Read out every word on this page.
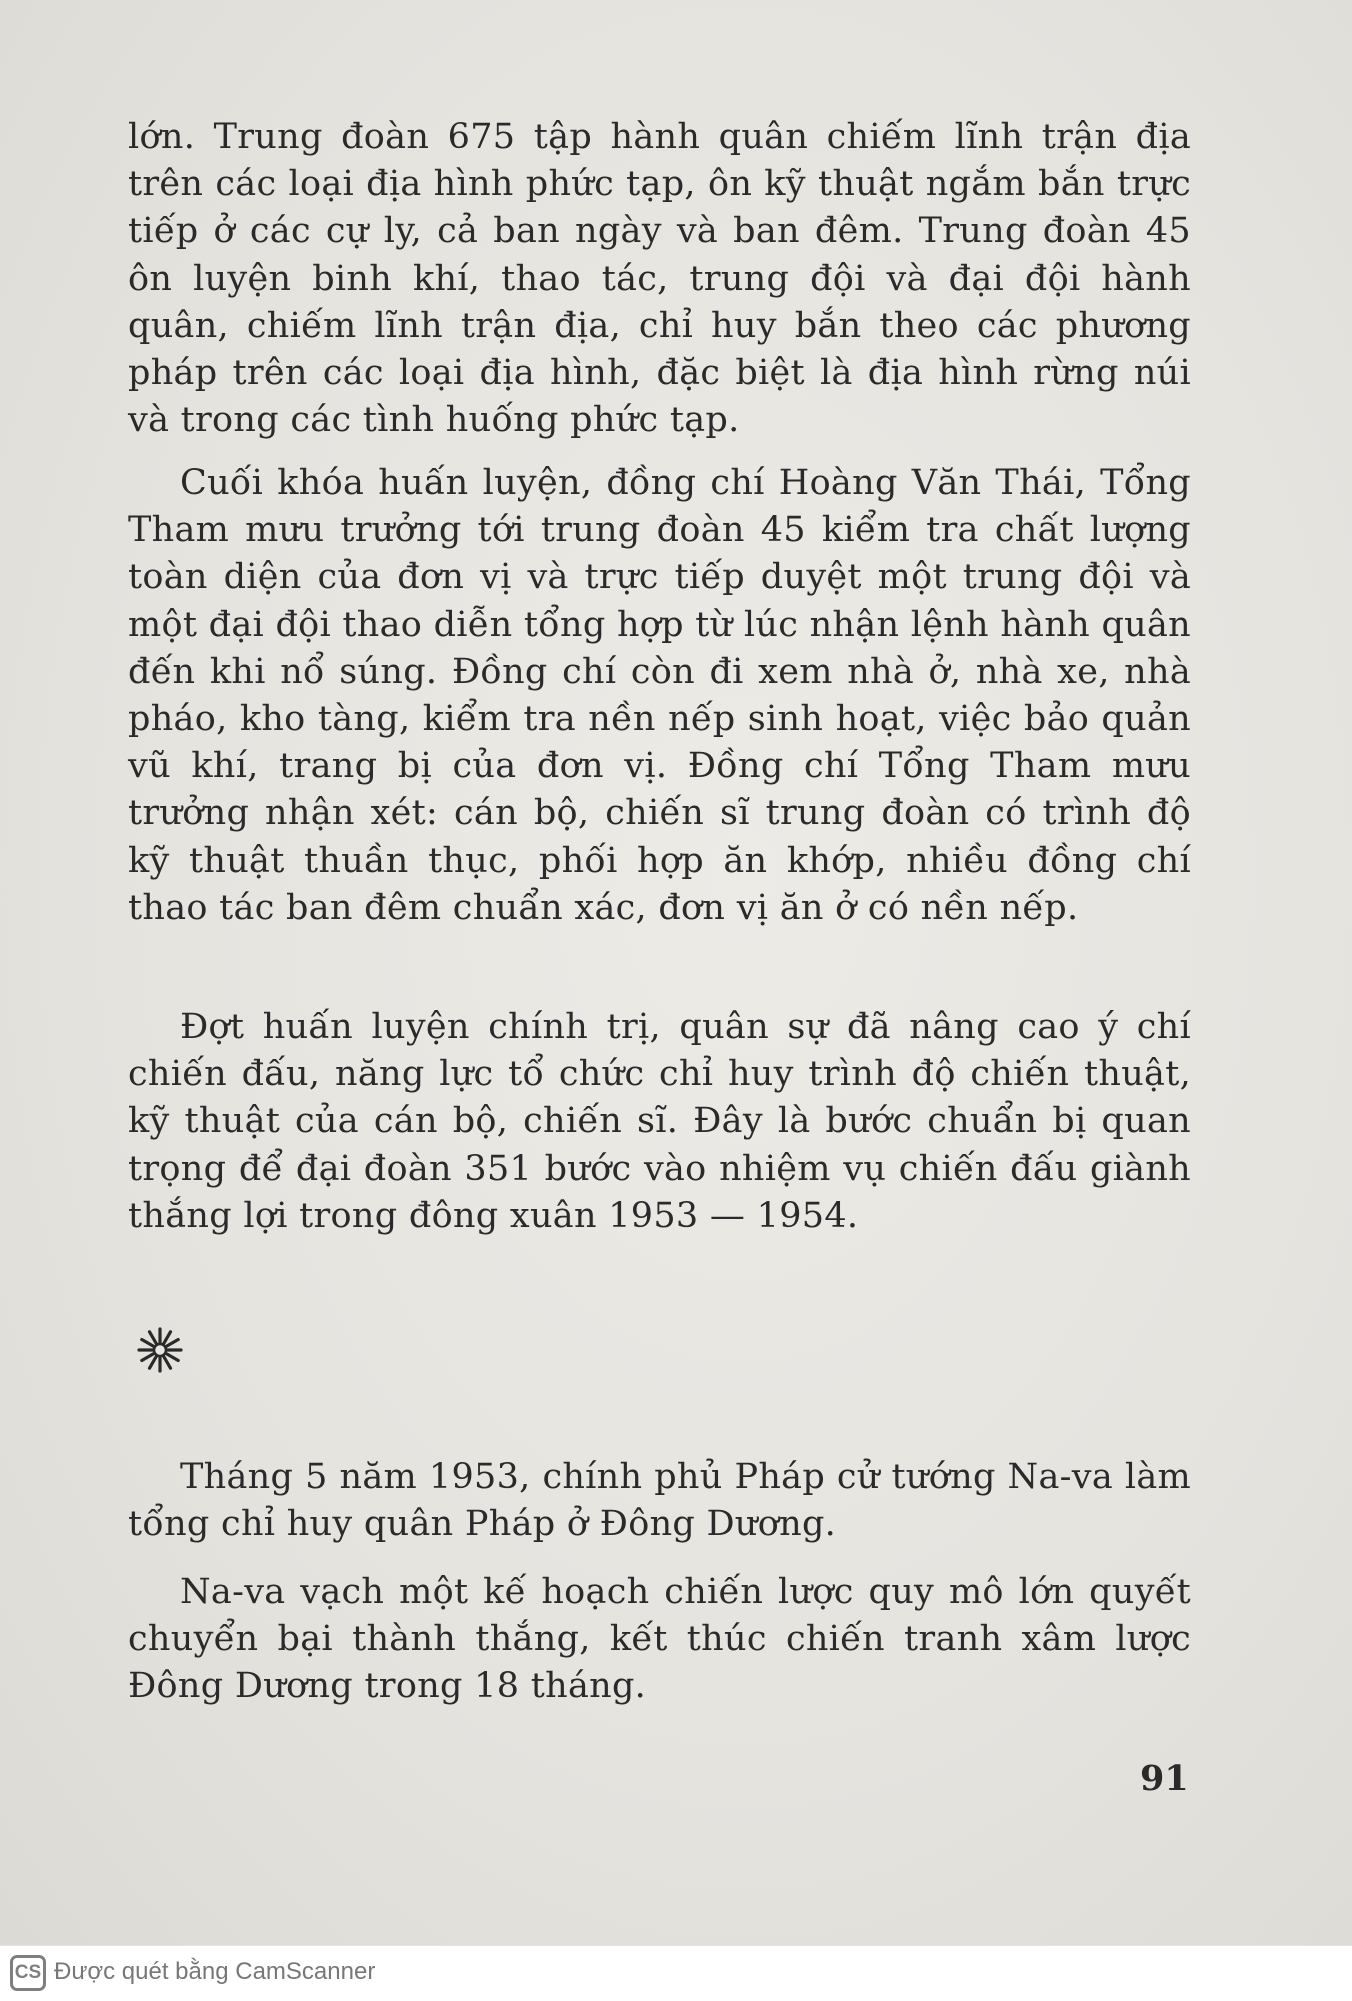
lớn. Trung đoàn 675 tập hành quân chiếm lĩnh trận địa trên các loại địa hình phức tạp, ôn kỹ thuật ngắm bắn trực tiếp ở các cự ly, cả ban ngày và ban đêm. Trung đoàn 45 ôn luyện binh khí, thao tác, trung đội và đại đội hành quân, chiếm lĩnh trận địa, chỉ huy bắn theo các phương pháp trên các loại địa hình, đặc biệt là địa hình rừng núi và trong các tình huống phức tạp.

Cuối khóa huấn luyện, đồng chí Hoàng Văn Thái, Tổng Tham mưu trưởng tới trung đoàn 45 kiểm tra chất lượng toàn diện của đơn vị và trực tiếp duyệt một trung đội và một đại đội thao diễn tổng hợp từ lúc nhận lệnh hành quân đến khi nổ súng. Đồng chí còn đi xem nhà ở, nhà xe, nhà pháo, kho tàng, kiểm tra nền nếp sinh hoạt, việc bảo quản vũ khí, trang bị của đơn vị. Đồng chí Tổng Tham mưu trưởng nhận xét: cán bộ, chiến sĩ trung đoàn có trình độ kỹ thuật thuần thục, phối hợp ăn khớp, nhiều đồng chí thao tác ban đêm chuẩn xác, đơn vị ăn ở có nền nếp.

Đợt huấn luyện chính trị, quân sự đã nâng cao ý chí chiến đấu, năng lực tổ chức chỉ huy trình độ chiến thuật, kỹ thuật của cán bộ, chiến sĩ. Đây là bước chuẩn bị quan trọng để đại đoàn 351 bước vào nhiệm vụ chiến đấu giành thắng lợi trong đông xuân 1953 — 1954.

Tháng 5 năm 1953, chính phủ Pháp cử tướng Na-va làm tổng chỉ huy quân Pháp ở Đông Dương.

Na-va vạch một kế hoạch chiến lược quy mô lớn quyết chuyển bại thành thắng, kết thúc chiến tranh xâm lược Đông Dương trong 18 tháng.

91
CS Được quét bằng CamScanner
